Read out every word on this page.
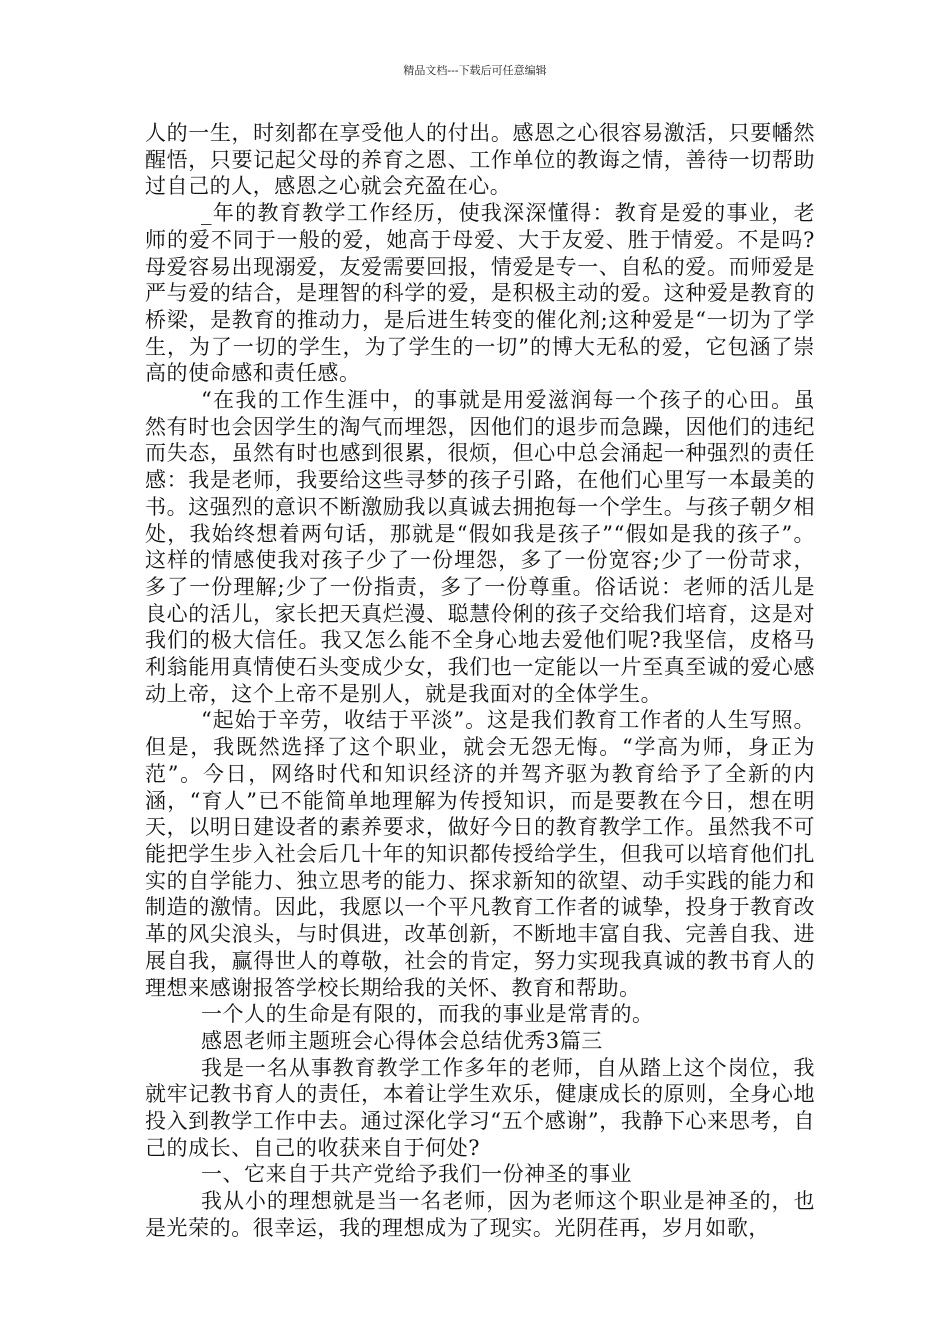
精品文档---下载后可任意编辑

人的一生，时刻都在享受他人的付出。感恩之心很容易激活，只要幡然醒悟，只要记起父母的养育之恩、工作单位的教诲之情，善待一切帮助过自己的人，感恩之心就会充盈在心。

_年的教育教学工作经历，使我深深懂得：教育是爱的事业，老师的爱不同于一般的爱，她高于母爱、大于友爱、胜于情爱。不是吗?母爱容易出现溺爱，友爱需要回报，情爱是专一、自私的爱。而师爱是严与爱的结合，是理智的科学的爱，是积极主动的爱。这种爱是教育的桥梁，是教育的推动力，是后进生转变的催化剂;这种爱是“一切为了学生，为了一切的学生，为了学生的一切”的博大无私的爱，它包涵了崇高的使命感和责任感。

“在我的工作生涯中，的事就是用爱滋润每一个孩子的心田。虽然有时也会因学生的淘气而埋怨，因他们的退步而急躁，因他们的违纪而失态，虽然有时也感到很累，很烦，但心中总会涌起一种强烈的责任感：我是老师，我要给这些寻梦的孩子引路，在他们心里写一本最美的书。这强烈的意识不断激励我以真诚去拥抱每一个学生。与孩子朝夕相处，我始终想着两句话，那就是“假如我是孩子”“假如是我的孩子”。这样的情感使我对孩子少了一份埋怨，多了一份宽容;少了一份苛求，多了一份理解;少了一份指责，多了一份尊重。俗话说：老师的活儿是良心的活儿，家长把天真烂漫、聪慧伶俐的孩子交给我们培育，这是对我们的极大信任。我又怎么能不全身心地去爱他们呢?我坚信，皮格马利翁能用真情使石头变成少女，我们也一定能以一片至真至诚的爱心感动上帝，这个上帝不是别人，就是我面对的全体学生。

“起始于辛劳，收结于平淡”。这是我们教育工作者的人生写照。但是，我既然选择了这个职业，就会无怨无悔。“学高为师，身正为范”。今日，网络时代和知识经济的并驾齐驱为教育给予了全新的内涵，“育人”已不能简单地理解为传授知识，而是要教在今日，想在明天，以明日建设者的素养要求，做好今日的教育教学工作。虽然我不可能把学生步入社会后几十年的知识都传授给学生，但我可以培育他们扎实的自学能力、独立思考的能力、探求新知的欲望、动手实践的能力和制造的激情。因此，我愿以一个平凡教育工作者的诚挚，投身于教育改革的风尖浪头，与时俱进，改革创新，不断地丰富自我、完善自我、进展自我，赢得世人的尊敬，社会的肯定，努力实现我真诚的教书育人的理想来感谢报答学校长期给我的关怀、教育和帮助。

一个人的生命是有限的，而我的事业是常青的。

感恩老师主题班会心得体会总结优秀3篇三

我是一名从事教育教学工作多年的老师，自从踏上这个岗位，我就牢记教书育人的责任，本着让学生欢乐，健康成长的原则，全身心地投入到教学工作中去。通过深化学习“五个感谢”，我静下心来思考，自己的成长、自己的收获来自于何处?

一、它来自于共产党给予我们一份神圣的事业

我从小的理想就是当一名老师，因为老师这个职业是神圣的，也是光荣的。很幸运，我的理想成为了现实。光阴荏再，岁月如歌，
